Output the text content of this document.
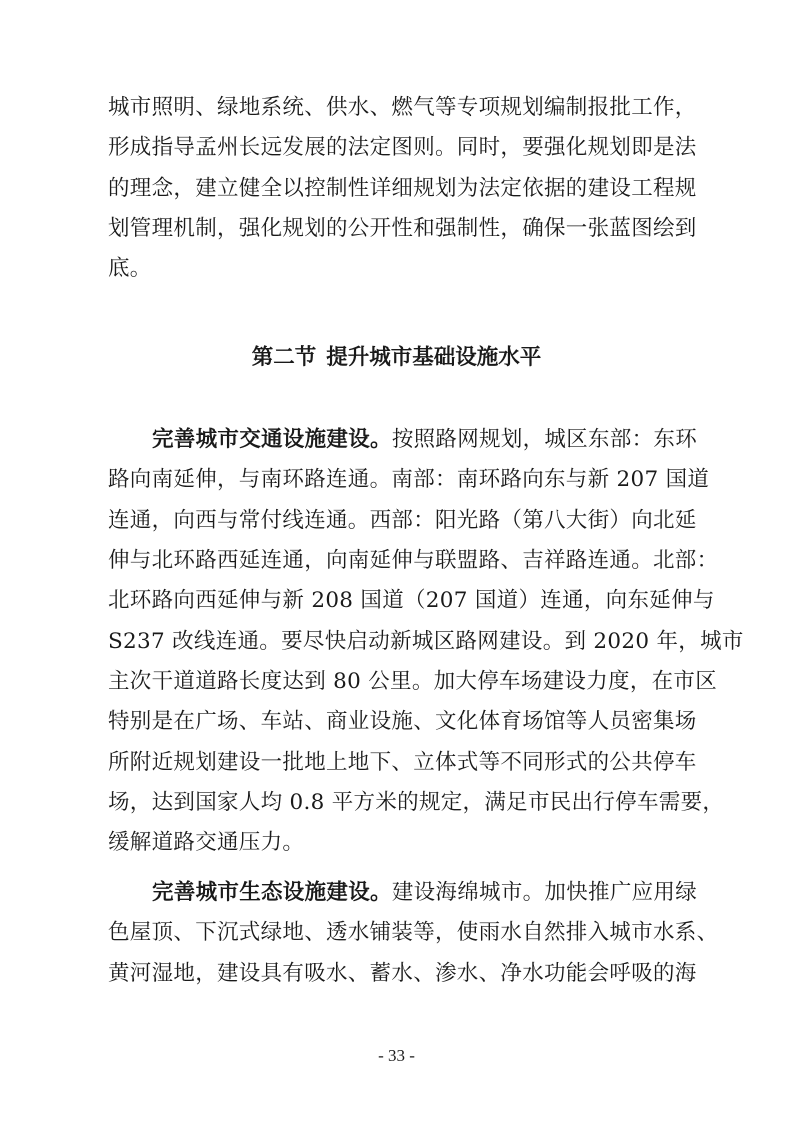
城市照明、绿地系统、供水、燃气等专项规划编制报批工作，
形成指导孟州长远发展的法定图则。同时，要强化规划即是法
的理念，建立健全以控制性详细规划为法定依据的建设工程规
划管理机制，强化规划的公开性和强制性，确保一张蓝图绘到
底。
第二节 提升城市基础设施水平
完善城市交通设施建设。按照路网规划，城区东部：东环
路向南延伸，与南环路连通。南部：南环路向东与新 207 国道
连通，向西与常付线连通。西部：阳光路（第八大街）向北延
伸与北环路西延连通，向南延伸与联盟路、吉祥路连通。北部：
北环路向西延伸与新 208 国道（207 国道）连通，向东延伸与
S237 改线连通。要尽快启动新城区路网建设。到 2020 年，城市
主次干道道路长度达到 80 公里。加大停车场建设力度，在市区
特别是在广场、车站、商业设施、文化体育场馆等人员密集场
所附近规划建设一批地上地下、立体式等不同形式的公共停车
场，达到国家人均 0.8 平方米的规定，满足市民出行停车需要，
缓解道路交通压力。
完善城市生态设施建设。建设海绵城市。加快推广应用绿
色屋顶、下沉式绿地、透水铺装等，使雨水自然排入城市水系、
黄河湿地，建设具有吸水、蓄水、渗水、净水功能会呼吸的海
- 33 -
